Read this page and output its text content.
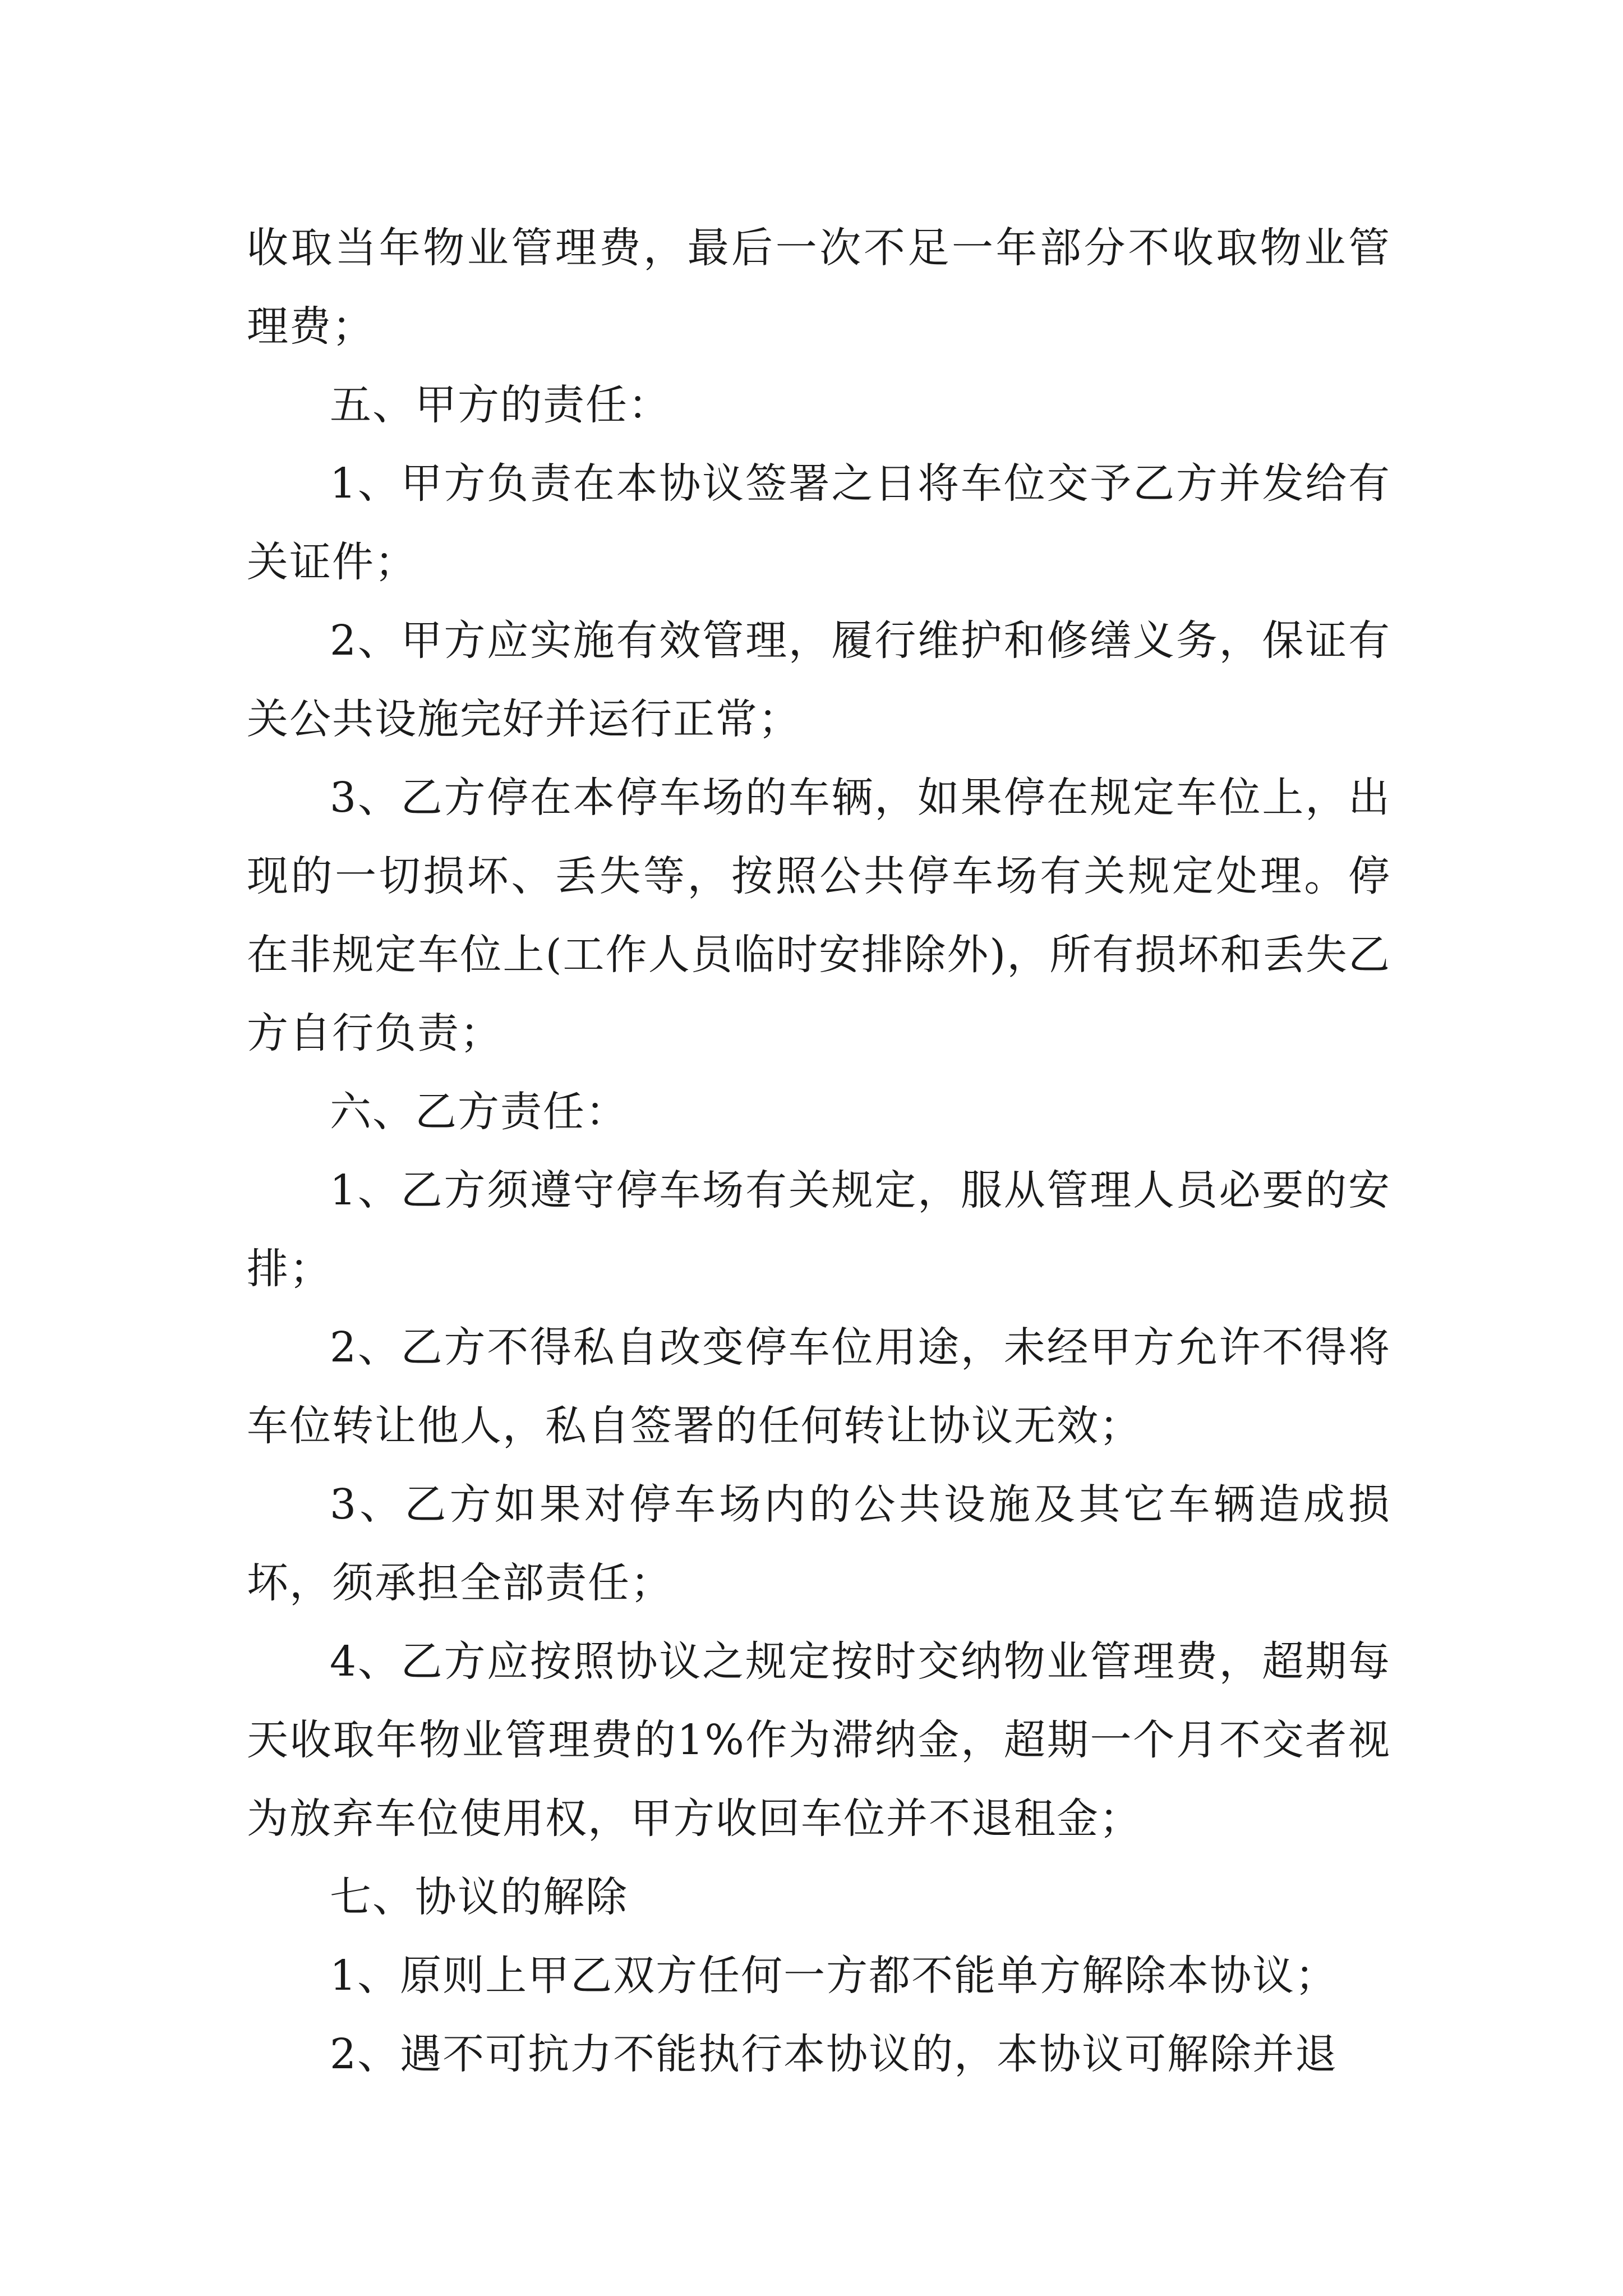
收取当年物业管理费，最后一次不足一年部分不收取物业管理费；

五、甲方的责任：

1、甲方负责在本协议签署之日将车位交予乙方并发给有关证件；

2、甲方应实施有效管理，履行维护和修缮义务，保证有关公共设施完好并运行正常；

3、乙方停在本停车场的车辆，如果停在规定车位上，出现的一切损坏、丢失等，按照公共停车场有关规定处理。停在非规定车位上(工作人员临时安排除外)，所有损坏和丢失乙方自行负责；

六、乙方责任：

1、乙方须遵守停车场有关规定，服从管理人员必要的安排；

2、乙方不得私自改变停车位用途，未经甲方允许不得将车位转让他人，私自签署的任何转让协议无效；

3、乙方如果对停车场内的公共设施及其它车辆造成损坏，须承担全部责任；

4、乙方应按照协议之规定按时交纳物业管理费，超期每天收取年物业管理费的1%作为滞纳金，超期一个月不交者视为放弃车位使用权，甲方收回车位并不退租金；

七、协议的解除

1、原则上甲乙双方任何一方都不能单方解除本协议；

2、遇不可抗力不能执行本协议的，本协议可解除并退
